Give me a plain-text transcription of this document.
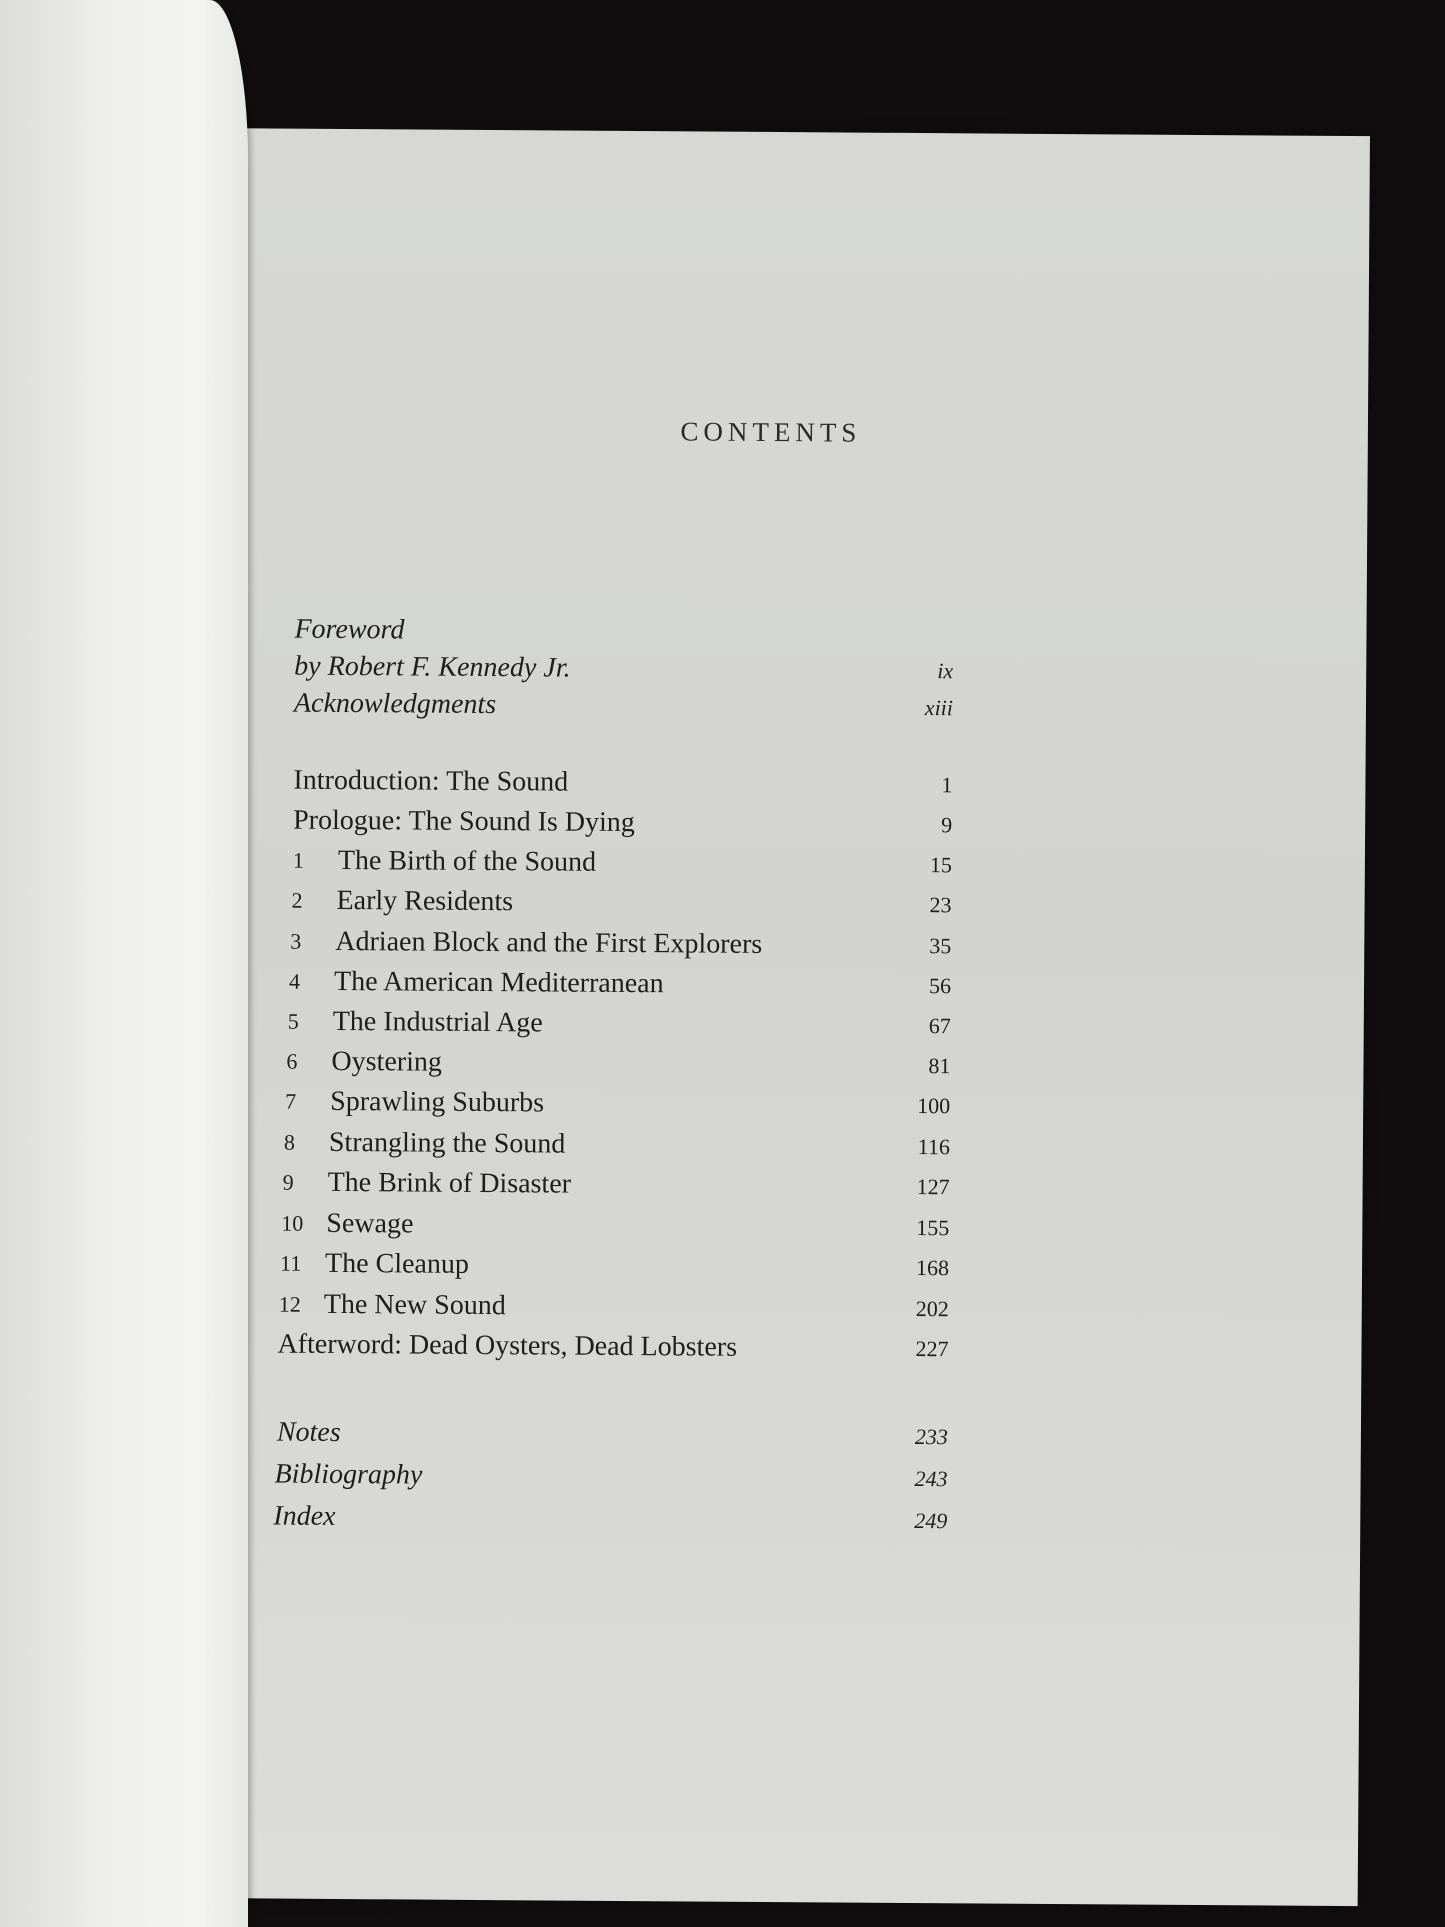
CONTENTS
Foreword
by Robert F. Kennedy Jr.	ix
Acknowledgments	xiii
Introduction: The Sound	1
Prologue: The Sound Is Dying	9
1	The Birth of the Sound	15
2	Early Residents	23
3	Adriaen Block and the First Explorers	35
4	The American Mediterranean	56
5	The Industrial Age	67
6	Oystering	81
7	Sprawling Suburbs	100
8	Strangling the Sound	116
9	The Brink of Disaster	127
10 Sewage	155
11 The Cleanup	168
12 The New Sound	202
Afterword: Dead Oysters, Dead Lobsters	227
Notes	233
Bibliography	243
Index	249
